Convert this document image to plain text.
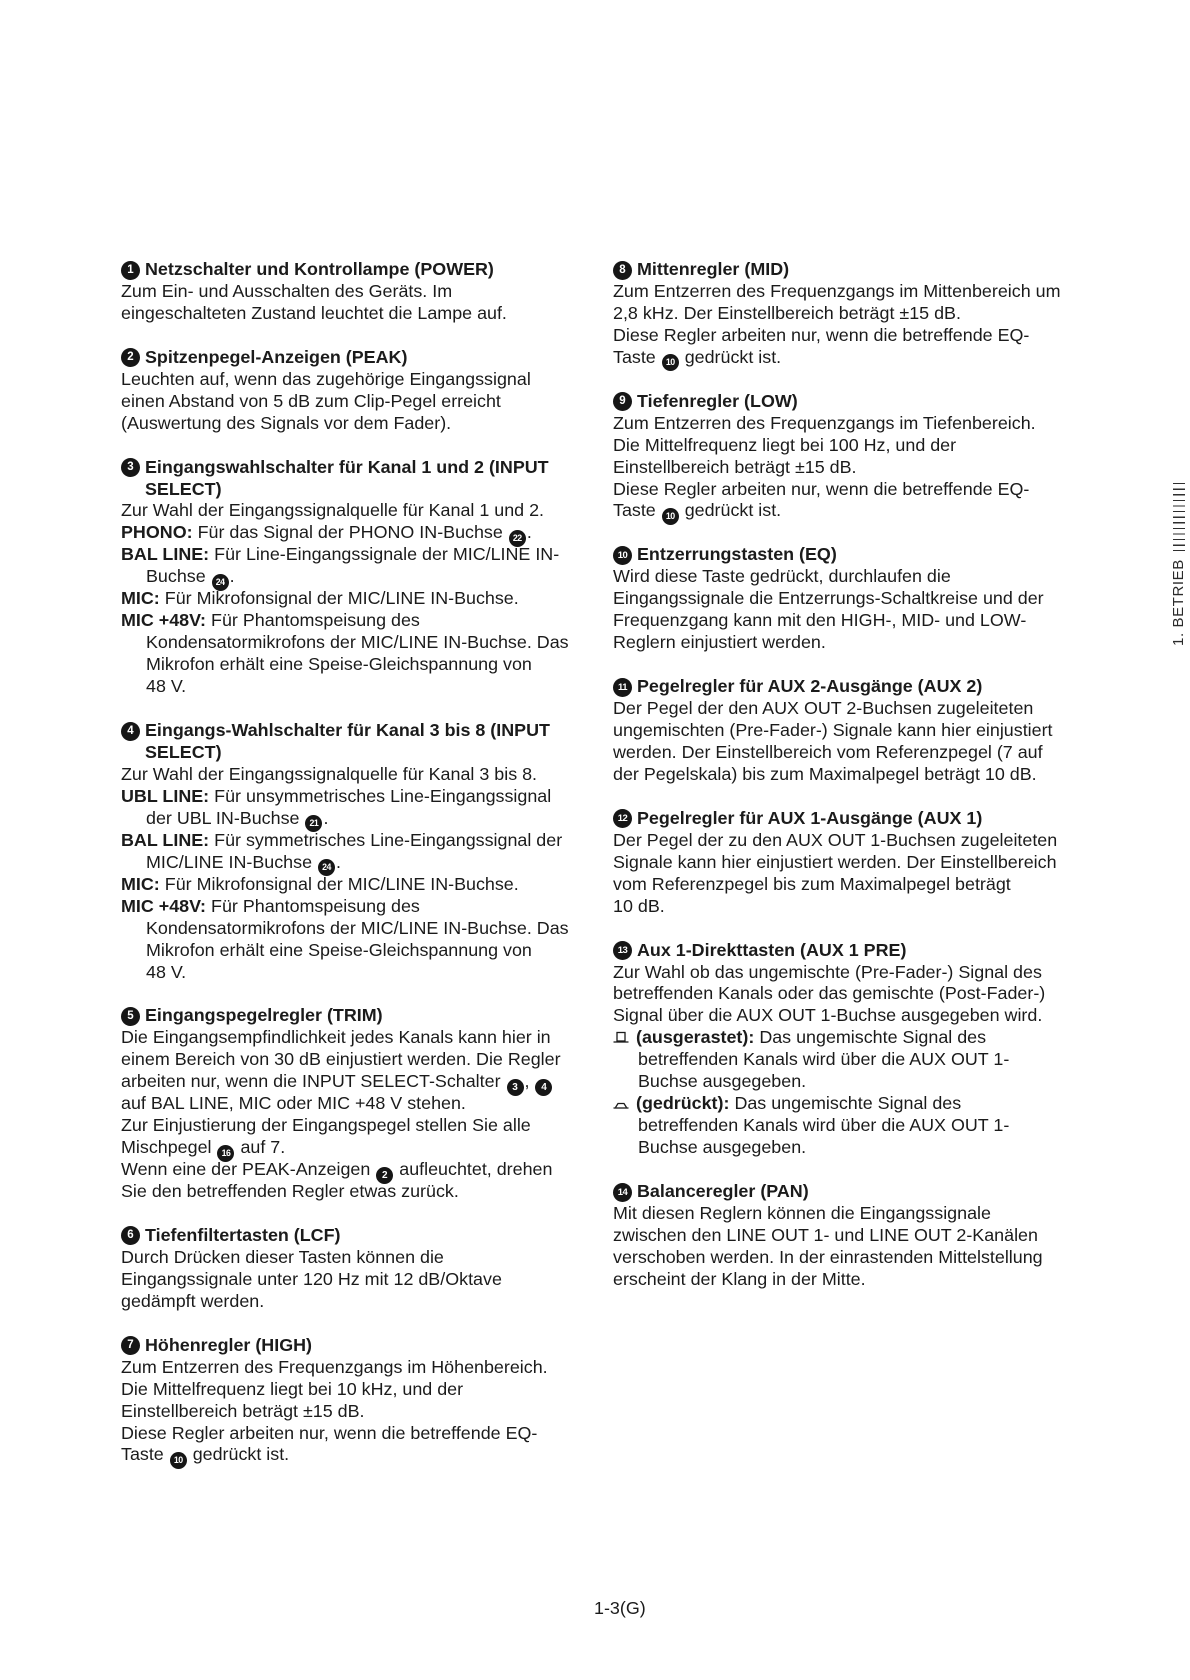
1 Netzschalter und Kontrollampe (POWER)
Zum Ein- und Ausschalten des Geräts. Im
eingeschalteten Zustand leuchtet die Lampe auf.
2 Spitzenpegel-Anzeigen (PEAK)
Leuchten auf, wenn das zugehörige Eingangssignal
einen Abstand von 5 dB zum Clip-Pegel erreicht
(Auswertung des Signals vor dem Fader).
3 Eingangswahlschalter für Kanal 1 und 2 (INPUT
SELECT)
Zur Wahl der Eingangssignalquelle für Kanal 1 und 2.
PHONO: Für das Signal der PHONO IN-Buchse 22 .
BAL LINE: Für Line-Eingangssignale der MIC/LINE IN-
Buchse 24 .
MIC: Für Mikrofonsignal der MIC/LINE IN-Buchse.
MIC +48V: Für Phantomspeisung des
Kondensatormikrofons der MIC/LINE IN-Buchse. Das
Mikrofon erhält eine Speise-Gleichspannung von
48 V.
4 Eingangs-Wahlschalter für Kanal 3 bis 8 (INPUT
SELECT)
Zur Wahl der Eingangssignalquelle für Kanal 3 bis 8.
UBL LINE: Für unsymmetrisches Line-Eingangssignal
der UBL IN-Buchse 21 .
BAL LINE: Für symmetrisches Line-Eingangssignal der
MIC/LINE IN-Buchse 24 .
MIC: Für Mikrofonsignal der MIC/LINE IN-Buchse.
MIC +48V: Für Phantomspeisung des
Kondensatormikrofons der MIC/LINE IN-Buchse. Das
Mikrofon erhält eine Speise-Gleichspannung von
48 V.
5 Eingangspegelregler (TRIM)
Die Eingangsempfindlichkeit jedes Kanals kann hier in
einem Bereich von 30 dB einjustiert werden. Die Regler
arbeiten nur, wenn die INPUT SELECT-Schalter 3 , 4
auf BAL LINE, MIC oder MIC +48 V stehen.
Zur Einjustierung der Eingangspegel stellen Sie alle
Mischpegel 16 auf 7.
Wenn eine der PEAK-Anzeigen 2 aufleuchtet, drehen
Sie den betreffenden Regler etwas zurück.
6 Tiefenfiltertasten (LCF)
Durch Drücken dieser Tasten können die
Eingangssignale unter 120 Hz mit 12 dB/Oktave
gedämpft werden.
7 Höhenregler (HIGH)
Zum Entzerren des Frequenzgangs im Höhenbereich.
Die Mittelfrequenz liegt bei 10 kHz, und der
Einstellbereich beträgt ±15 dB.
Diese Regler arbeiten nur, wenn die betreffende EQ-
Taste 10 gedrückt ist.
8 Mittenregler (MID)
Zum Entzerren des Frequenzgangs im Mittenbereich um
2,8 kHz. Der Einstellbereich beträgt ±15 dB.
Diese Regler arbeiten nur, wenn die betreffende EQ-
Taste 10 gedrückt ist.
9 Tiefenregler (LOW)
Zum Entzerren des Frequenzgangs im Tiefenbereich.
Die Mittelfrequenz liegt bei 100 Hz, und der
Einstellbereich beträgt ±15 dB.
Diese Regler arbeiten nur, wenn die betreffende EQ-
Taste 10 gedrückt ist.
10 Entzerrungstasten (EQ)
Wird diese Taste gedrückt, durchlaufen die
Eingangssignale die Entzerrungs-Schaltkreise und der
Frequenzgang kann mit den HIGH-, MID- und LOW-
Reglern einjustiert werden.
11 Pegelregler für AUX 2-Ausgänge (AUX 2)
Der Pegel der den AUX OUT 2-Buchsen zugeleiteten
ungemischten (Pre-Fader-) Signale kann hier einjustiert
werden. Der Einstellbereich vom Referenzpegel (7 auf
der Pegelskala) bis zum Maximalpegel beträgt 10 dB.
12 Pegelregler für AUX 1-Ausgänge (AUX 1)
Der Pegel der zu den AUX OUT 1-Buchsen zugeleiteten
Signale kann hier einjustiert werden. Der Einstellbereich
vom Referenzpegel bis zum Maximalpegel beträgt
10 dB.
13 Aux 1-Direkttasten (AUX 1 PRE)
Zur Wahl ob das ungemischte (Pre-Fader-) Signal des
betreffenden Kanals oder das gemischte (Post-Fader-)
Signal über die AUX OUT 1-Buchse ausgegeben wird.
(ausgerastet): Das ungemischte Signal des
betreffenden Kanals wird über die AUX OUT 1-
Buchse ausgegeben.
(gedrückt): Das ungemischte Signal des
betreffenden Kanals wird über die AUX OUT 1-
Buchse ausgegeben.
14 Balanceregler (PAN)
Mit diesen Reglern können die Eingangssignale
zwischen den LINE OUT 1- und LINE OUT 2-Kanälen
verschoben werden. In der einrastenden Mittelstellung
erscheint der Klang in der Mitte.
1. BETRIEB
1-3(G)
